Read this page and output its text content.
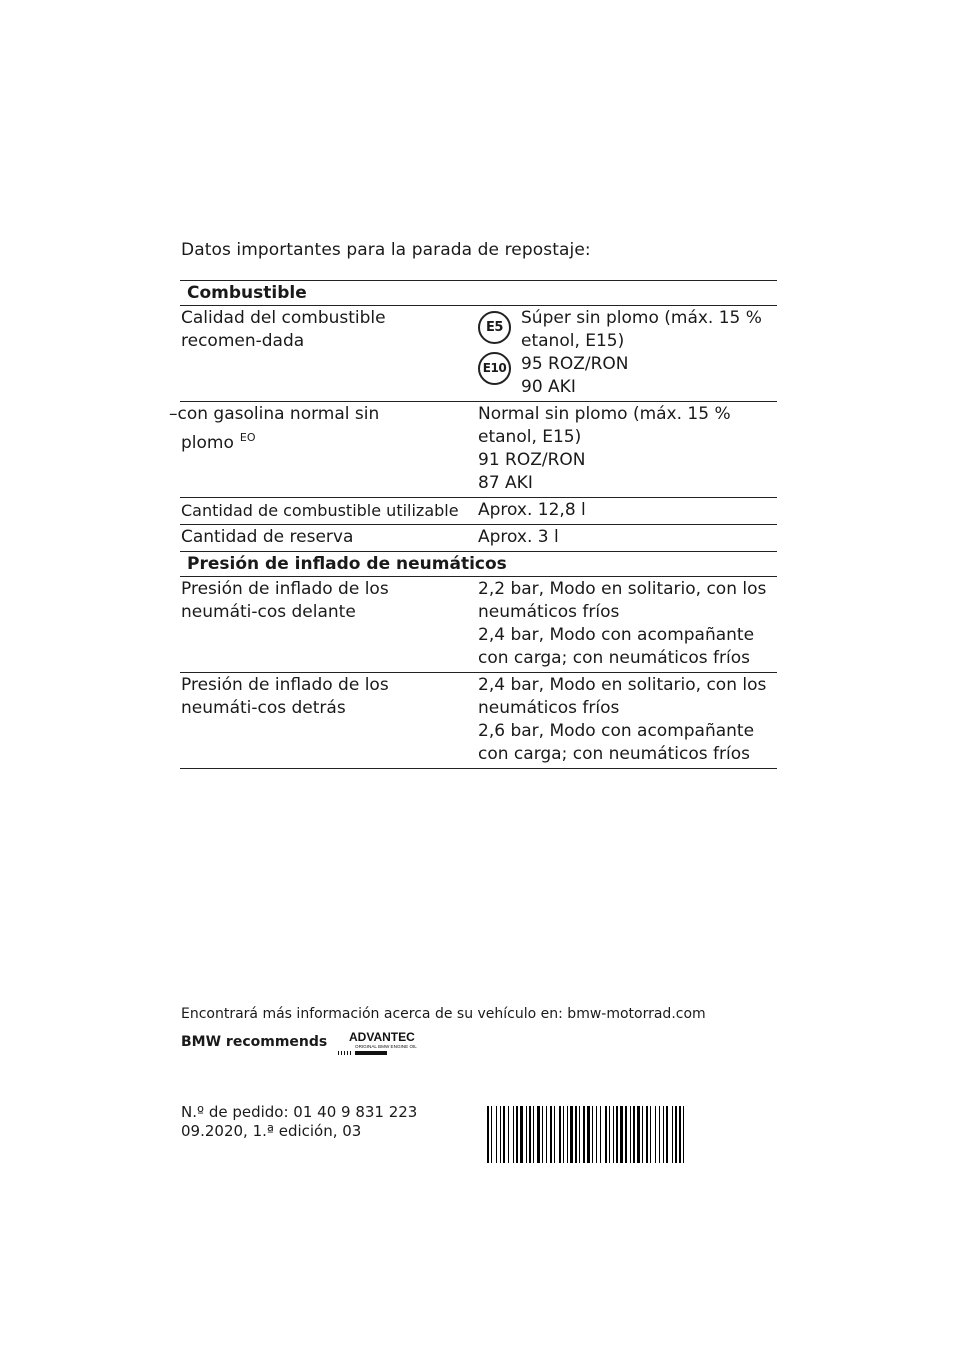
Datos importantes para la parada de repostaje:
Combustible
Calidad del combustible recomen-dada
E5
E10
Súper sin plomo (máx. 15 %
etanol, E15)
95 ROZ/RON
90 AKI
–con gasolina normal sin plomo $^{EO}$
Normal sin plomo (máx. 15 %
etanol, E15)
91 ROZ/RON
87 AKI
Cantidad de combustible utilizable	Aprox. 12,8 l
Cantidad de reserva	Aprox. 3 l
Presión de inflado de neumáticos
Presión de inflado de los neumáti-cos delante
2,2 bar, Modo en solitario, con los neumáticos fríos
2,4 bar, Modo con acompañante con carga; con neumáticos fríos
Presión de inflado de los neumáti-cos detrás
2,4 bar, Modo en solitario, con los neumáticos fríos
2,6 bar, Modo con acompañante con carga; con neumáticos fríos
Encontrará más información acerca de su vehículo en: bmw-motorrad.com
BMW recommends ADVANTEC
ORIGINAL BMW ENGINE OIL
N.º de pedido: 01 40 9 831 223
09.2020, 1.ª edición, 03
